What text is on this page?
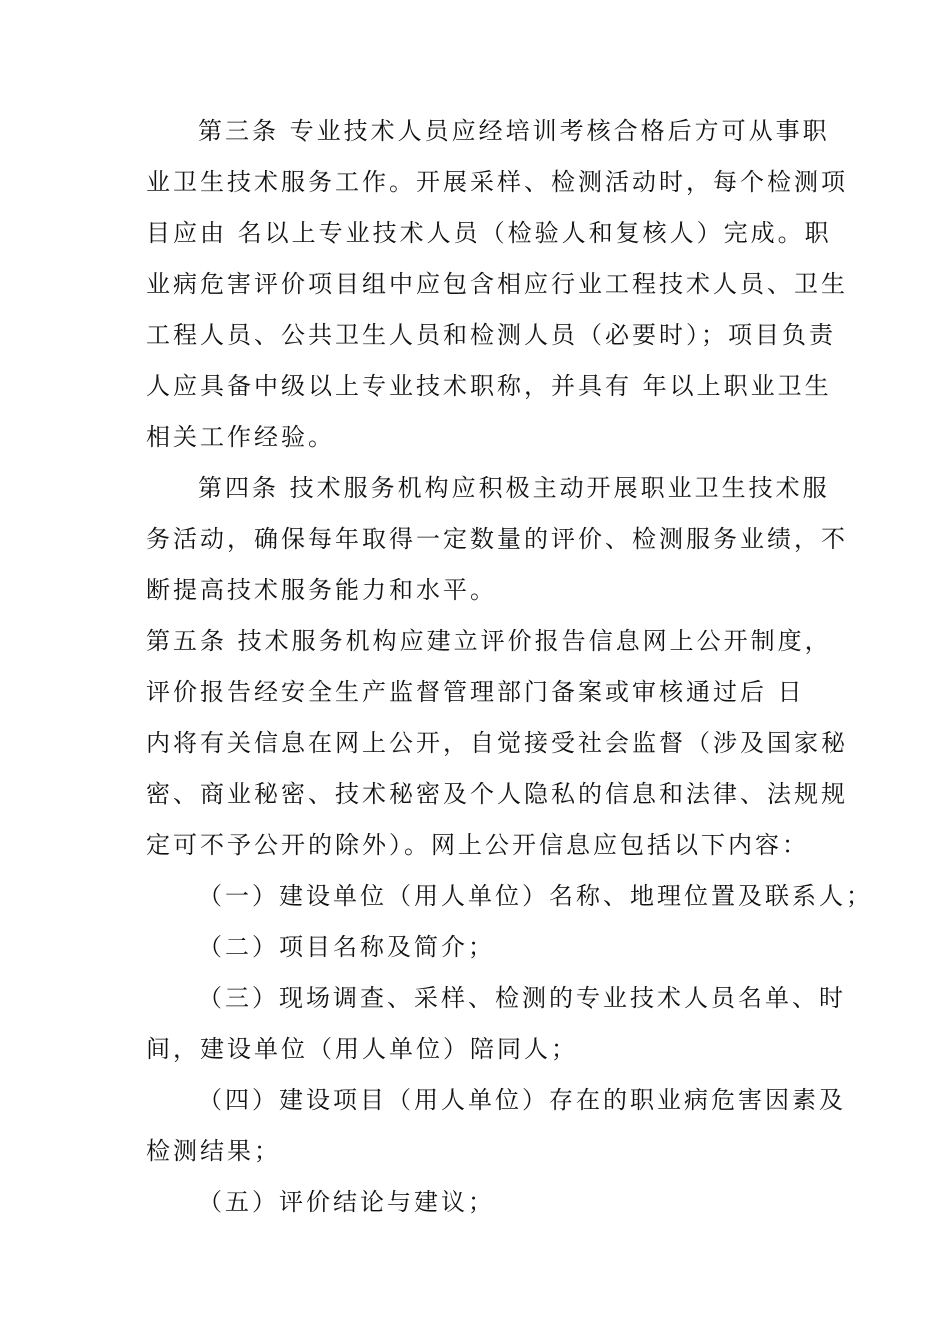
第三条 专业技术人员应经培训考核合格后方可从事职
业卫生技术服务工作。开展采样、检测活动时，每个检测项
目应由 名以上专业技术人员（检验人和复核人）完成。职
业病危害评价项目组中应包含相应行业工程技术人员、卫生
工程人员、公共卫生人员和检测人员（必要时）；项目负责
人应具备中级以上专业技术职称，并具有 年以上职业卫生
相关工作经验。
第四条 技术服务机构应积极主动开展职业卫生技术服
务活动，确保每年取得一定数量的评价、检测服务业绩，不
断提高技术服务能力和水平。
第五条 技术服务机构应建立评价报告信息网上公开制度，
评价报告经安全生产监督管理部门备案或审核通过后 日
内将有关信息在网上公开，自觉接受社会监督（涉及国家秘
密、商业秘密、技术秘密及个人隐私的信息和法律、法规规
定可不予公开的除外）。网上公开信息应包括以下内容：
（一）建设单位（用人单位）名称、地理位置及联系人；
（二）项目名称及简介；
（三）现场调查、采样、检测的专业技术人员名单、时
间，建设单位（用人单位）陪同人；
（四）建设项目（用人单位）存在的职业病危害因素及
检测结果；
（五）评价结论与建议；
